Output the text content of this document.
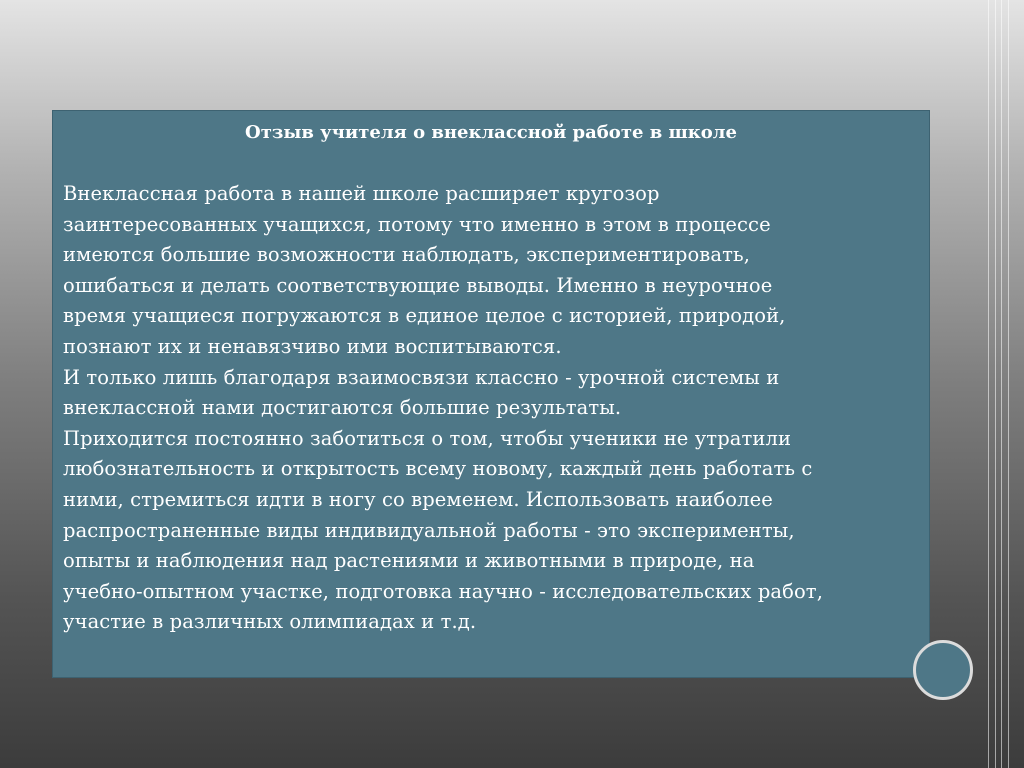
Отзыв учителя о внеклассной работе в школе

Внеклассная работа в нашей школе расширяет кругозор
заинтересованных учащихся, потому что именно в этом в процессе
имеются большие возможности наблюдать, экспериментировать,
ошибаться и делать соответствующие выводы. Именно в неурочное
время учащиеся погружаются в единое целое с историей, природой,
познают их и ненавязчиво ими воспитываются.

И только лишь благодаря взаимосвязи классно - урочной системы и
внеклассной нами достигаются большие результаты.

Приходится постоянно заботиться о том, чтобы ученики не утратили
любознательность и открытость всему новому, каждый день работать с
ними, стремиться идти в ногу со временем. Использовать наиболее
распространенные виды индивидуальной работы - это эксперименты,
опыты и наблюдения над растениями и животными в природе, на
учебно-опытном участке, подготовка научно - исследовательских работ,
участие в различных олимпиадах и т.д.
